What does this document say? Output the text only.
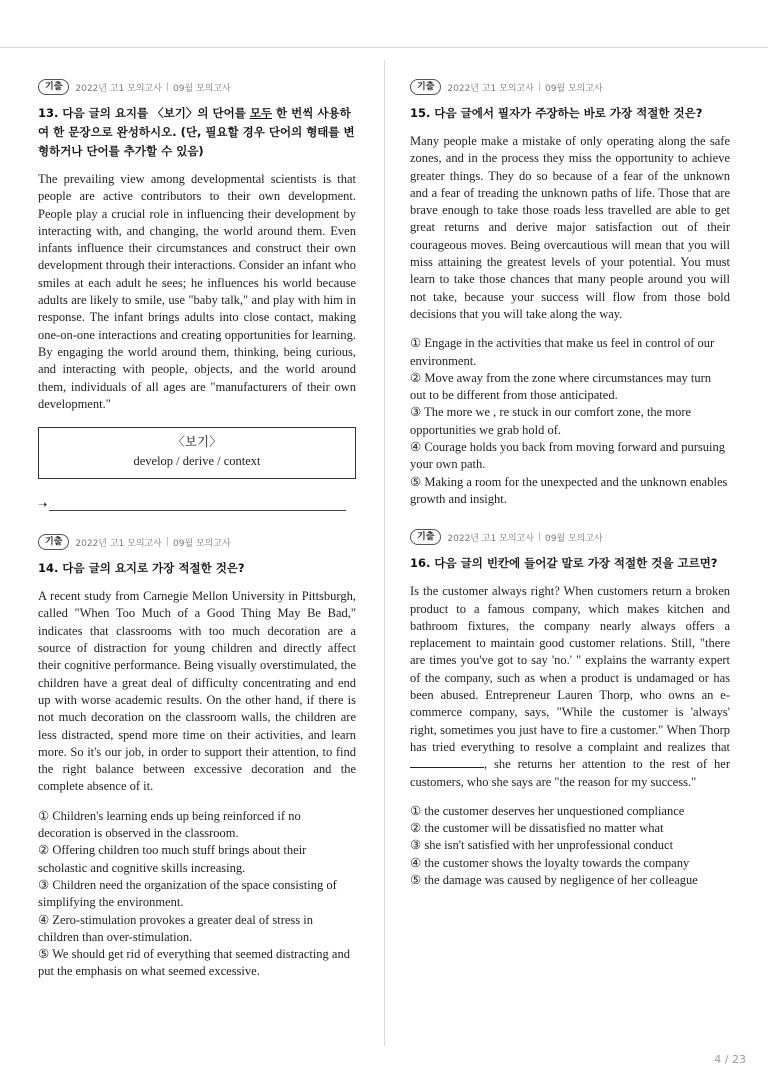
기출	2022년 고1 모의고사 | 09월 모의고사
13. 다음 글의 요지를 〈보기〉의 단어를 모두 한 번씩 사용하여 한 문장으로 완성하시오. (단, 필요할 경우 단어의 형태를 변형하거나 단어를 추가할 수 있음)

The prevailing view among developmental scientists is that people are active contributors to their own development. People play a crucial role in influencing their development by interacting with, and changing, the world around them. Even infants influence their circumstances and construct their own development through their interactions. Consider an infant who smiles at each adult he sees; he influences his world because adults are likely to smile, use "baby talk," and play with him in response. The infant brings adults into close contact, making one-on-one interactions and creating opportunities for learning. By engaging the world around them, thinking, being curious, and interacting with people, objects, and the world around them, individuals of all ages are "manufacturers of their own development."

〈보기〉
develop / derive / context
➝
기출	2022년 고1 모의고사 | 09월 모의고사
14. 다음 글의 요지로 가장 적절한 것은?

A recent study from Carnegie Mellon University in Pittsburgh, called "When Too Much of a Good Thing May Be Bad," indicates that classrooms with too much decoration are a source of distraction for young children and directly affect their cognitive performance. Being visually overstimulated, the children have a great deal of difficulty concentrating and end up with worse academic results. On the other hand, if there is not much decoration on the classroom walls, the children are less distracted, spend more time on their activities, and learn more. So it's our job, in order to support their attention, to find the right balance between excessive decoration and the complete absence of it.

① Children's learning ends up being reinforced if no decoration is observed in the classroom.

② Offering children too much stuff brings about their scholastic and cognitive skills increasing.

③ Children need the organization of the space consisting of simplifying the environment.

④ Zero-stimulation provokes a greater deal of stress in children than over-stimulation.

⑤ We should get rid of everything that seemed distracting and put the emphasis on what seemed excessive.

기출	2022년 고1 모의고사 | 09월 모의고사
15. 다음 글에서 필자가 주장하는 바로 가장 적절한 것은?

Many people make a mistake of only operating along the safe zones, and in the process they miss the opportunity to achieve greater things. They do so because of a fear of the unknown and a fear of treading the unknown paths of life. Those that are brave enough to take those roads less travelled are able to get great returns and derive major satisfaction out of their courageous moves. Being overcautious will mean that you will miss attaining the greatest levels of your potential. You must learn to take those chances that many people around you will not take, because your success will flow from those bold decisions that you will take along the way.

① Engage in the activities that make us feel in control of our environment.

② Move away from the zone where circumstances may turn out to be different from those anticipated.

③ The more we , re stuck in our comfort zone, the more opportunities we grab hold of.

④ Courage holds you back from moving forward and pursuing your own path.

⑤ Making a room for the unexpected and the unknown enables growth and insight.

기출	2022년 고1 모의고사 | 09월 모의고사
16. 다음 글의 빈칸에 들어갈 말로 가장 적절한 것을 고르면?

Is the customer always right? When customers return a broken product to a famous company, which makes kitchen and bathroom fixtures, the company nearly always offers a replacement to maintain good customer relations. Still, "there are times you've got to say 'no.' " explains the warranty expert of the company, such as when a product is undamaged or has been abused. Entrepreneur Lauren Thorp, who owns an e-commerce company, says, "While the customer is 'always' right, sometimes you just have to fire a customer." When Thorp has tried everything to resolve a complaint and realizes that , she returns her attention to the rest of her customers, who she says are "the reason for my success."

① the customer deserves her unquestioned compliance

② the customer will be dissatisfied no matter what

③ she isn't satisfied with her unprofessional conduct

④ the customer shows the loyalty towards the company

⑤ the damage was caused by negligence of her colleague

4 / 23
